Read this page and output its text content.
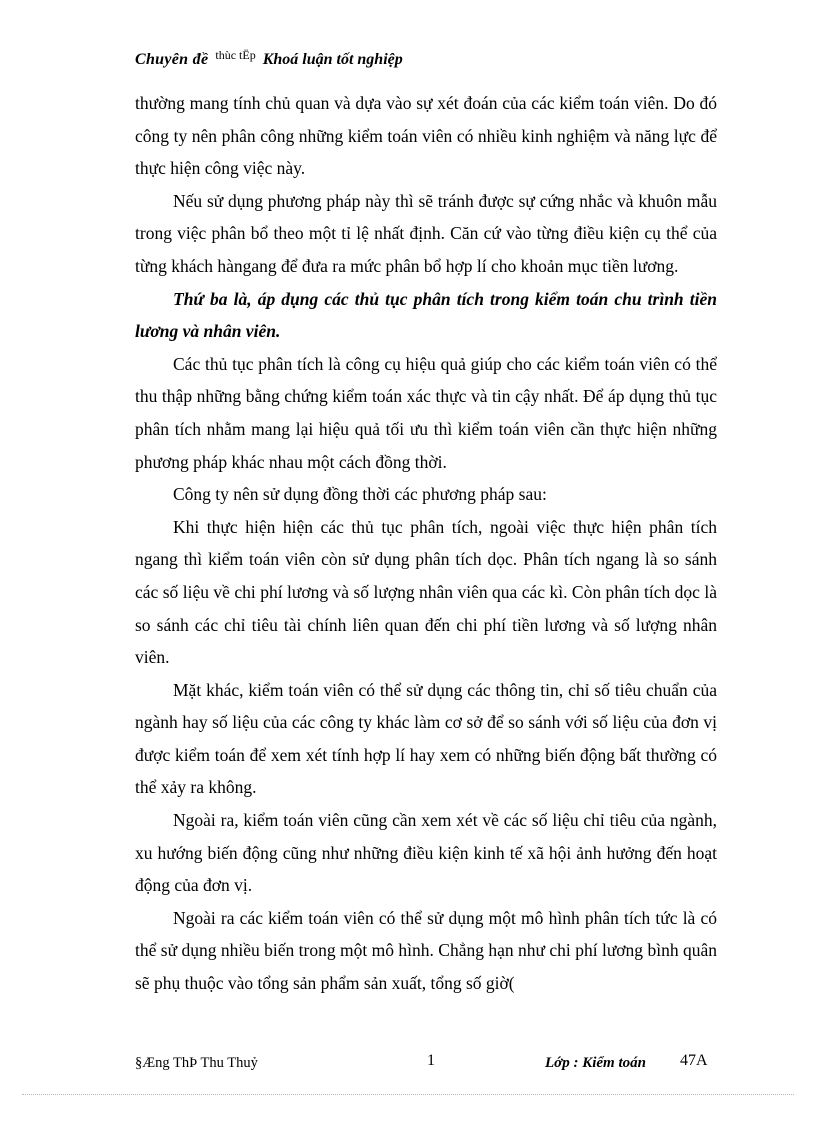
Chuyên đề $^{thùc tËp}$ Khoá luận tốt nghiệp

thường mang tính chủ quan và dựa vào sự xét đoán của các kiểm toán viên. Do đó công ty nên phân công những kiểm toán viên có nhiều kinh nghiệm và năng lực để thực hiện công việc này.

Nếu sử dụng phương pháp này thì sẽ tránh được sự cứng nhắc và khuôn mẫu trong việc phân bổ theo một tỉ lệ nhất định. Căn cứ vào từng điều kiện cụ thể của từng khách hàngang để đưa ra mức phân bổ hợp lí cho khoản mục tiền lương.

Thứ ba là, áp dụng các thủ tục phân tích trong kiểm toán chu trình tiền lương và nhân viên.

Các thủ tục phân tích là công cụ hiệu quả giúp cho các kiểm toán viên có thể thu thập những bằng chứng kiểm toán xác thực và tin cậy nhất. Để áp dụng thủ tục phân tích nhằm mang lại hiệu quả tối ưu thì kiểm toán viên cần thực hiện những phương pháp khác nhau một cách đồng thời.

Công ty nên sử dụng đồng thời các phương pháp sau:

Khi thực hiện hiện các thủ tục phân tích, ngoài việc thực hiện phân tích ngang thì kiểm toán viên còn sử dụng phân tích dọc. Phân tích ngang là so sánh các số liệu về chi phí lương và số lượng nhân viên qua các kì. Còn phân tích dọc là so sánh các chỉ tiêu tài chính liên quan đến chi phí tiền lương và số lượng nhân viên.

Mặt khác, kiểm toán viên có thể sử dụng các thông tin, chỉ số tiêu chuẩn của ngành hay số liệu của các công ty khác làm cơ sở để so sánh với số liệu của đơn vị được kiểm toán để xem xét tính hợp lí hay xem có những biến động bất thường có thể xảy ra không.

Ngoài ra, kiểm toán viên cũng cần xem xét về các số liệu chỉ tiêu của ngành, xu hướng biến động cũng như những điều kiện kinh tế xã hội ảnh hưởng đến hoạt động của đơn vị.

Ngoài ra các kiểm toán viên có thể sử dụng một mô hình phân tích tức là có thể sử dụng nhiều biến trong một mô hình. Chẳng hạn như chi phí lương bình quân sẽ phụ thuộc vào tổng sản phẩm sản xuất, tổng số giờ(

§Æng ThÞ Thu Thuỷ	1	Lớp : Kiểm toán 47A
